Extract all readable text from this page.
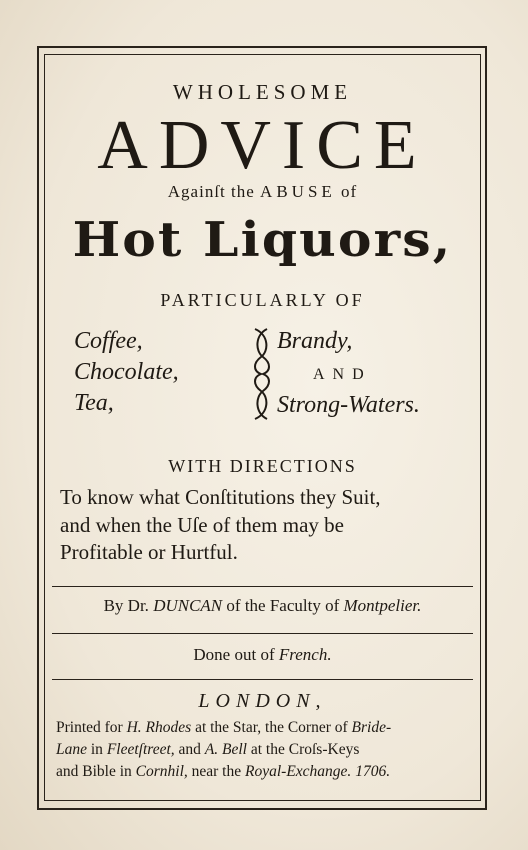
WHOLESOME
ADVICE
Againſt the ABUSE of
Hot Liquors,
PARTICULARLY OF
Coffee,
Chocolate,
Tea,
Brandy,
AND
Strong-Waters.
WITH DIRECTIONS
To know what Conſtitutions they Suit,
and when the Uſe of them may be
Profitable or Hurtful.
By Dr. DUNCAN of the Faculty of Montpelier.
Done out of French.
LONDON,
Printed for H. Rhodes at the Star, the Corner of Bride-
Lane in Fleetſtreet, and A. Bell at the Croſs-Keys
and Bible in Cornhil, near the Royal-Exchange. 1706.
